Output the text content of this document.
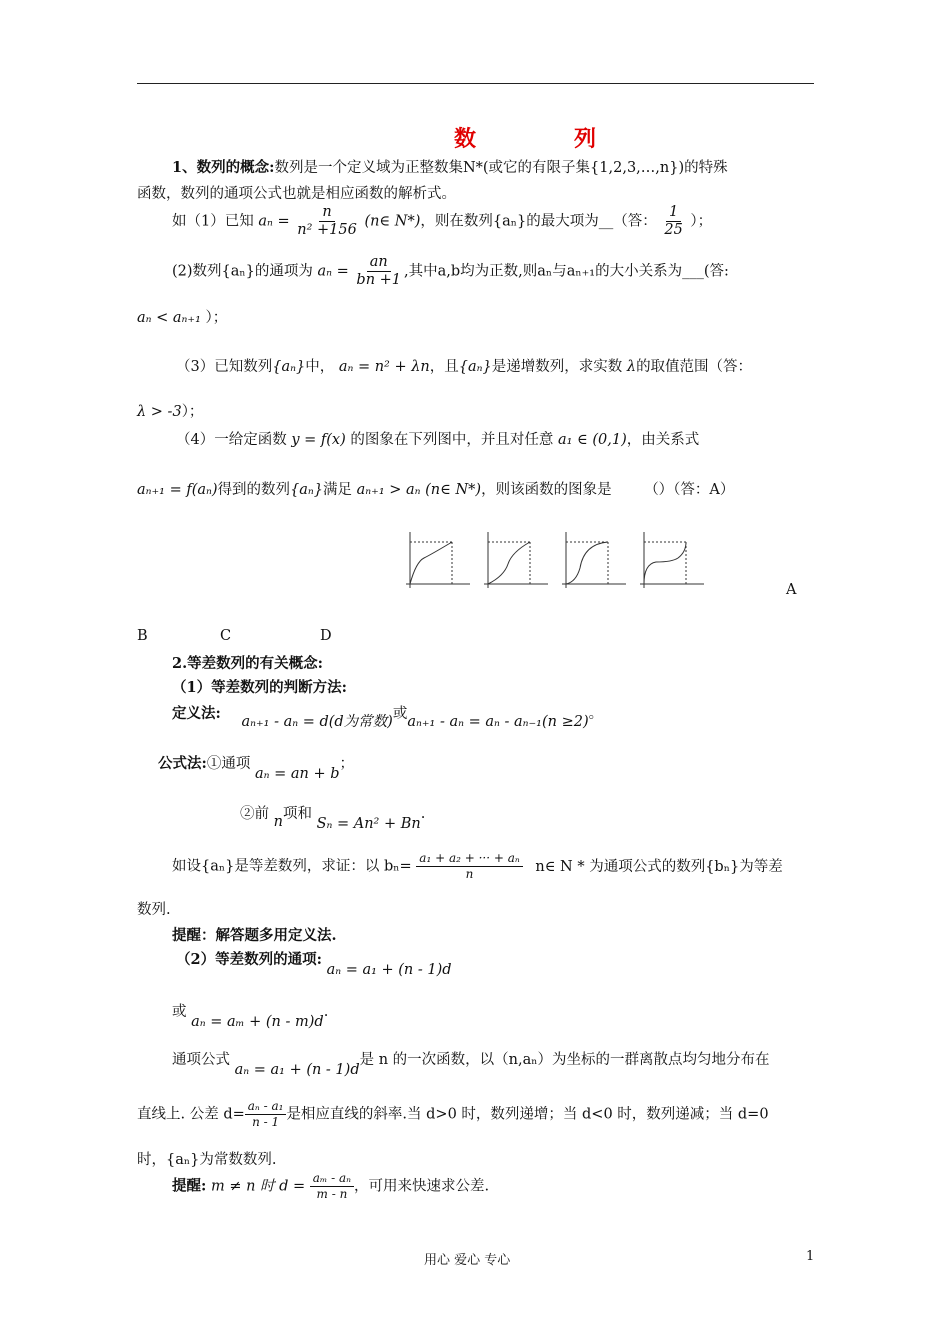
数　列
1、数列的概念:数列是一个定义域为正整数集N*(或它的有限子集{1,2,3,…,n})的特殊
函数，数列的通项公式也就是相应函数的解析式。
如（1）已知 $a_n = \frac{n}{\text{n² +156}}$ (n∈ N*)，则在数列{aₙ}的最大项为__（答： $\frac{1}{25}$ ）；
(2)数列{aₙ}的通项为 $a_n = \frac{an}{bn +1}$ ,其中a,b均为正数,则aₙ与aₙ₊₁的大小关系为___(答:
aₙ < aₙ₊₁ ）；
（3）已知数列{aₙ}中， aₙ = n² + λn，且{aₙ}是递增数列，求实数 λ的取值范围（答：
λ > -3）；
（4）一给定函数 y = f(x) 的图象在下列图中，并且对任意 a₁ ∈ (0,1)，由关系式
aₙ₊₁ = f(aₙ)得到的数列{aₙ}满足 aₙ₊₁ > aₙ (n∈ N*)，则该函数的图象是 （）（答：A）
A
B	C	D
2.等差数列的有关概念:
（1）等差数列的判断方法:
定义法: aₙ₊₁ - aₙ = d(d为常数)或aₙ₊₁ - aₙ = aₙ - aₙ₋₁(n ≥2)。
公式法:①通项 aₙ = an + b；
②前 n项和 Sₙ = An² + Bn.
如设{aₙ}是等差数列，求证：以 $b_n= \frac{\text{a₁ + a₂ + ··· + aₙ}}{n}$ n∈ N * 为通项公式的数列{bₙ}为等差
数列.
提醒：解答题多用定义法.
（2）等差数列的通项: aₙ = a₁ + (n - 1)d
或 aₙ = aₘ + (n - m)d.
通项公式 aₙ = a₁ + (n - 1)d是 n 的一次函数，以（n,aₙ）为坐标的一群离散点均匀地分布在
直线上. 公差 $d= \frac{\text{aₙ - a₁}}{n - 1}$ 是相应直线的斜率.当 d>0 时，数列递增；当 d<0 时，数列递减；当 d=0
时，{aₙ}为常数数列.
提醒: m ≠ n 时 $d = \frac{\text{aₘ - aₙ}}{m - n}$ ，可用来快速求公差.
用心 爱心 专心	1
